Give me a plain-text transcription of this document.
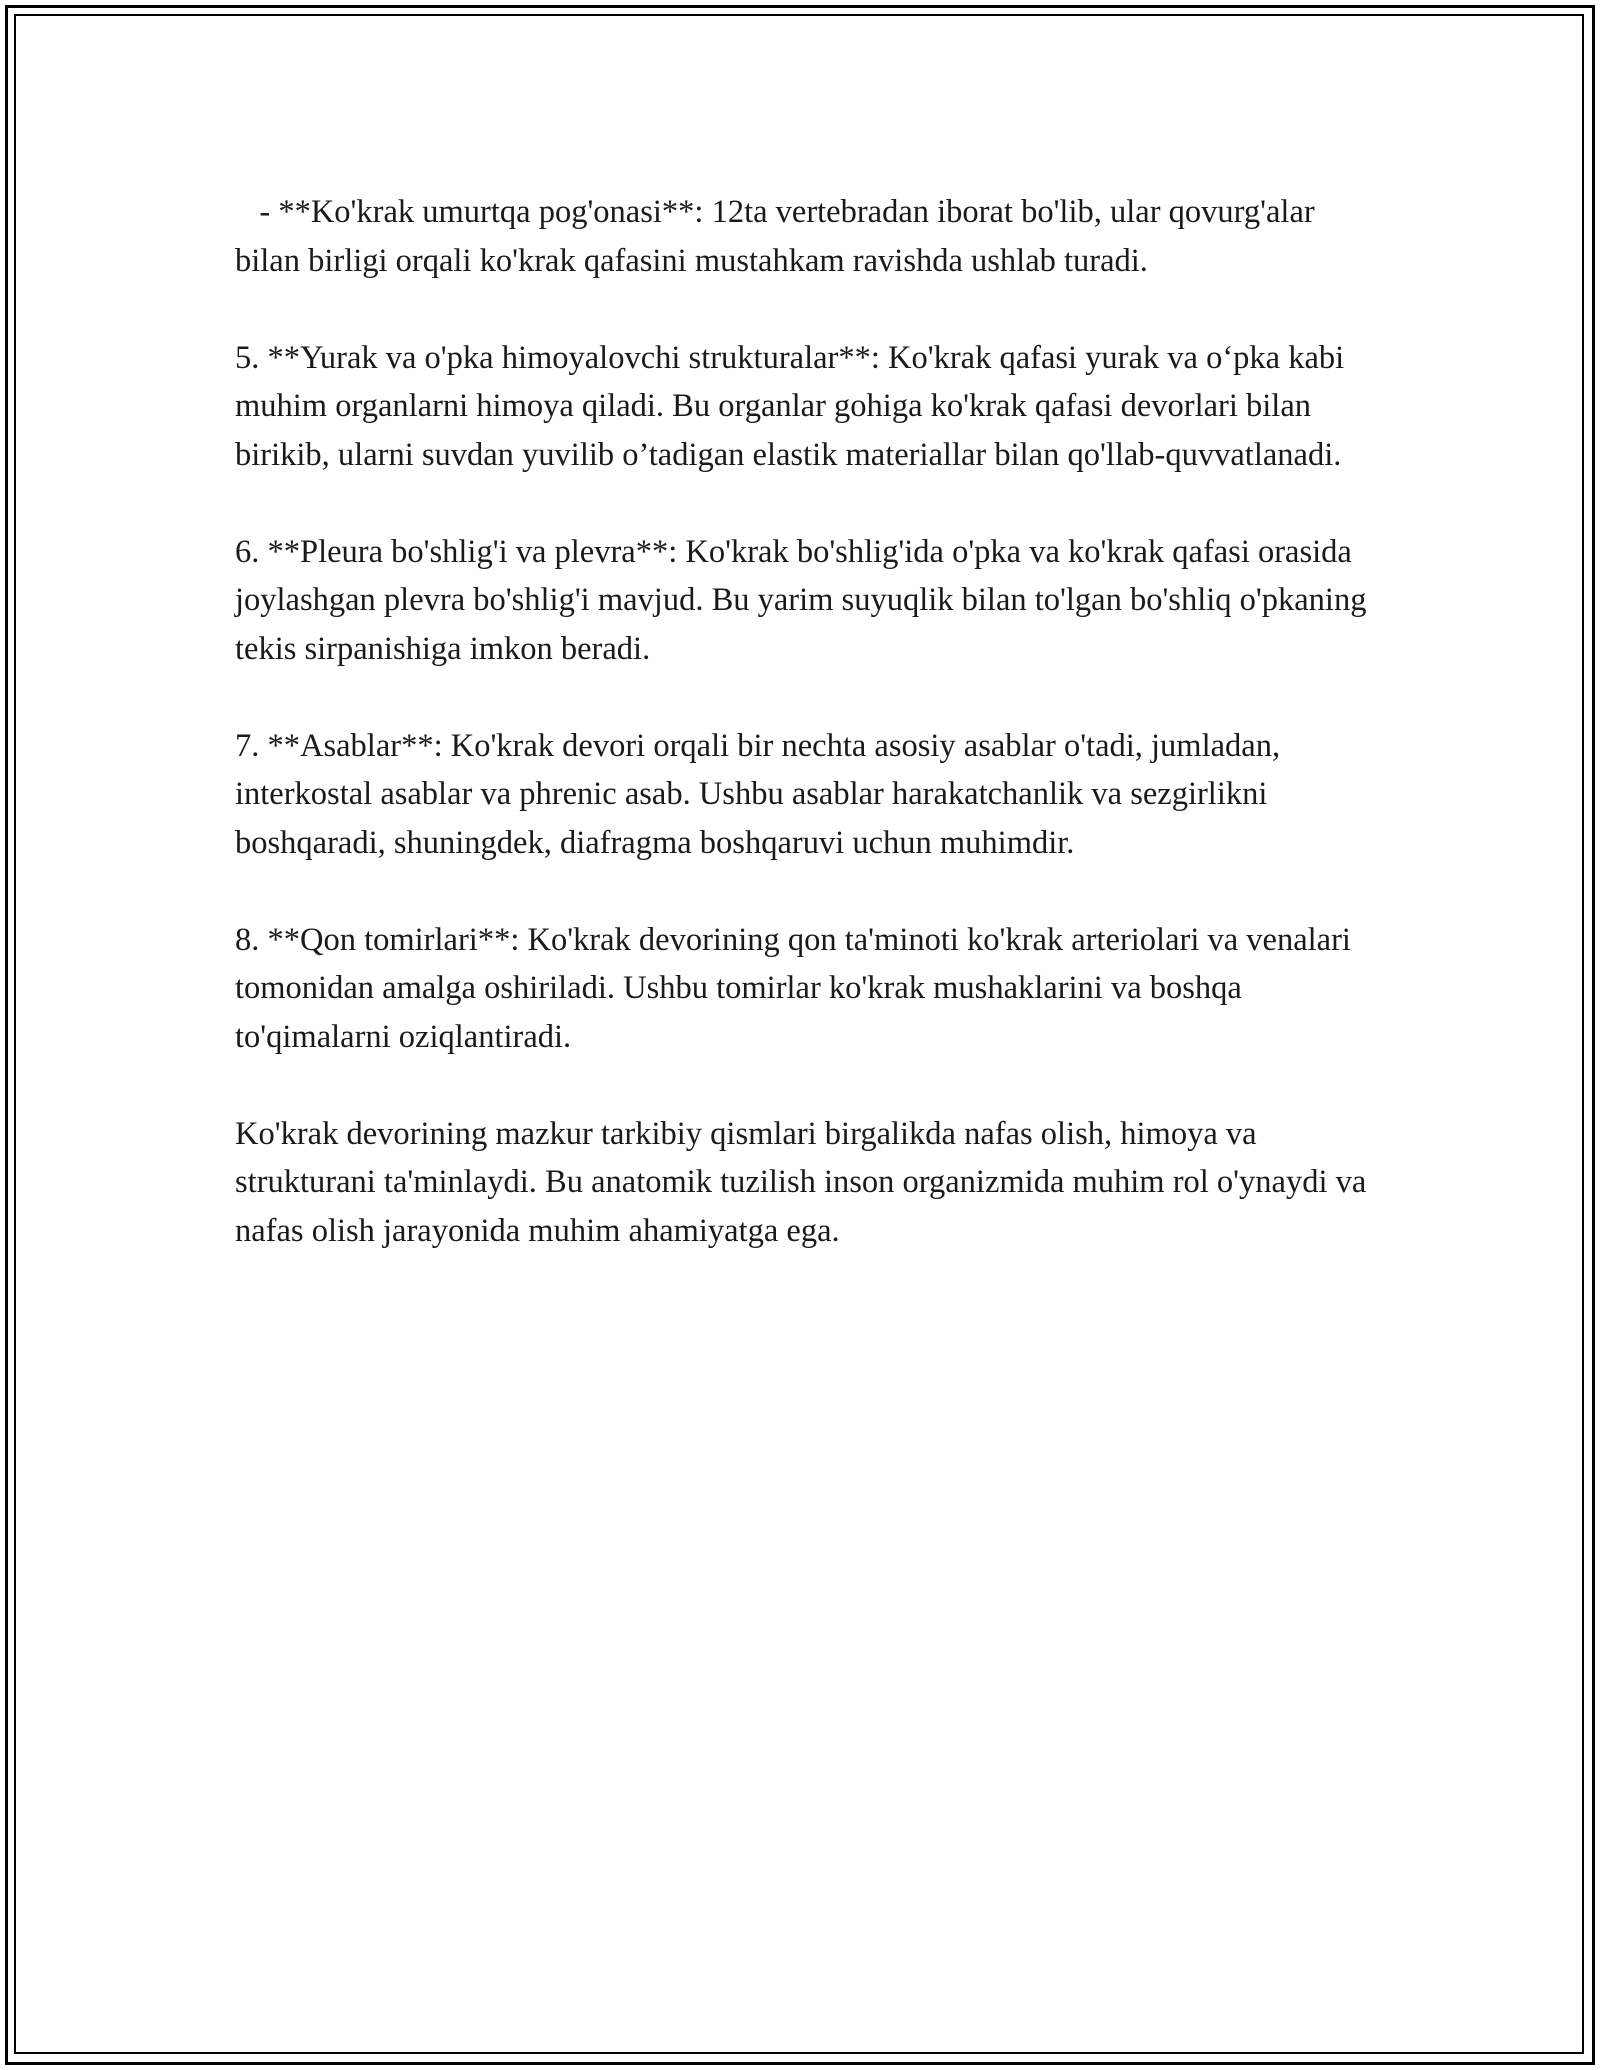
- **Ko'krak umurtqa pog'onasi**: 12ta vertebradan iborat bo'lib, ular qovurg'alar bilan birligi orqali ko'krak qafasini mustahkam ravishda ushlab turadi.

5. **Yurak va o'pka himoyalovchi strukturalar**: Ko'krak qafasi yurak va o‘pka kabi muhim organlarni himoya qiladi. Bu organlar gohiga ko'krak qafasi devorlari bilan birikib, ularni suvdan yuvilib o’tadigan elastik materiallar bilan qo'llab-quvvatlanadi.

6. **Pleura bo'shlig'i va plevra**: Ko'krak bo'shlig'ida o'pka va ko'krak qafasi orasida joylashgan plevra bo'shlig'i mavjud. Bu yarim suyuqlik bilan to'lgan bo'shliq o'pkaning tekis sirpanishiga imkon beradi.

7. **Asablar**: Ko'krak devori orqali bir nechta asosiy asablar o'tadi, jumladan, interkostal asablar va phrenic asab. Ushbu asablar harakatchanlik va sezgirlikni boshqaradi, shuningdek, diafragma boshqaruvi uchun muhimdir.

8. **Qon tomirlari**: Ko'krak devorining qon ta'minoti ko'krak arteriolari va venalari tomonidan amalga oshiriladi. Ushbu tomirlar ko'krak mushaklarini va boshqa to'qimalarni oziqlantiradi.

Ko'krak devorining mazkur tarkibiy qismlari birgalikda nafas olish, himoya va strukturani ta'minlaydi. Bu anatomik tuzilish inson organizmida muhim rol o'ynaydi va nafas olish jarayonida muhim ahamiyatga ega.
